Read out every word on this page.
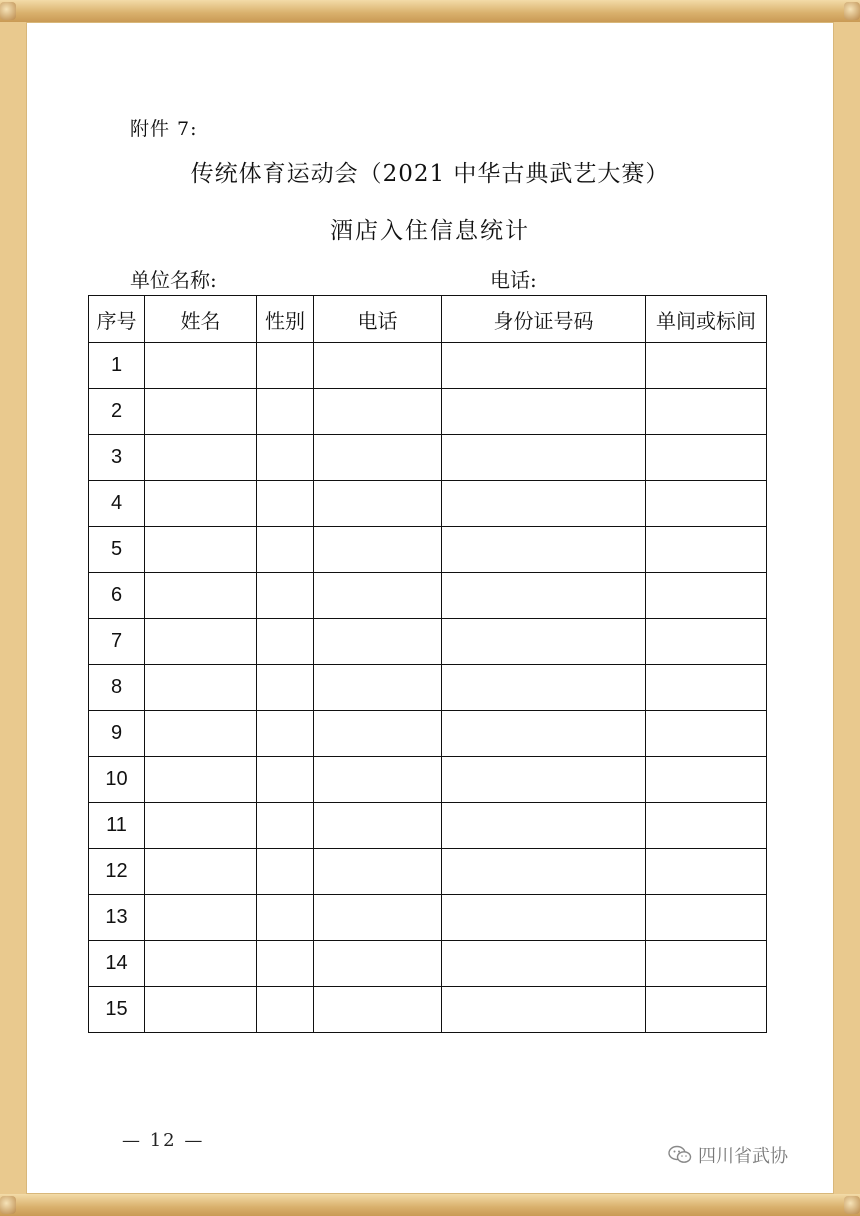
附件 7:
传统体育运动会（2021 中华古典武艺大赛）
酒店入住信息统计
单位名称:	电话:
序号	姓名	性别	电话	身份证号码	单间或标间
1					
2					
3					
4					
5					
6					
7					
8					
9					
10					
11					
12					
13					
14					
15					
— 12 —
四川省武协
